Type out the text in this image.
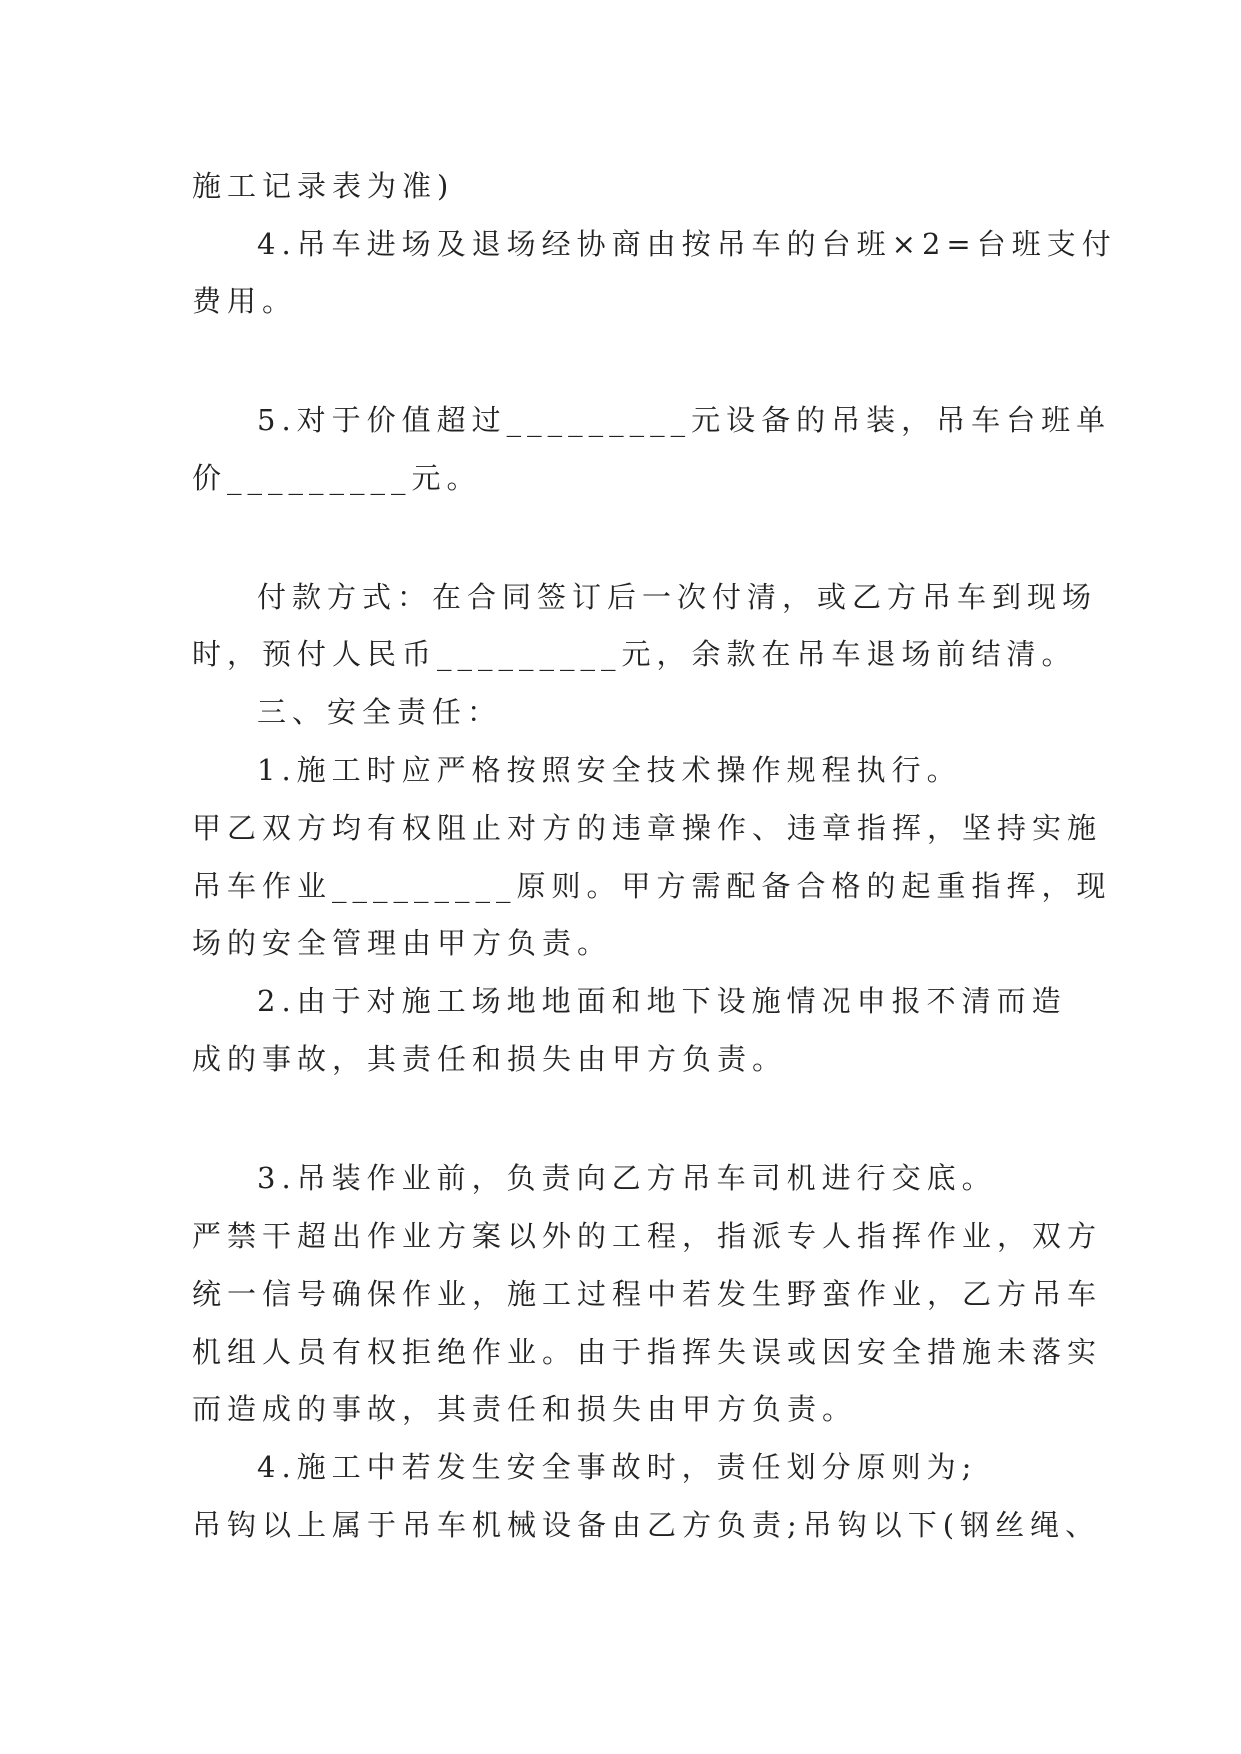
施工记录表为准)
4.吊车进场及退场经协商由按吊车的台班×2=台班支付
费用。
5.对于价值超过_________元设备的吊装，吊车台班单
价_________元。
付款方式：在合同签订后一次付清，或乙方吊车到现场
时，预付人民币_________元，余款在吊车退场前结清。
三、安全责任：
1.施工时应严格按照安全技术操作规程执行。
甲乙双方均有权阻止对方的违章操作、违章指挥，坚持实施
吊车作业_________原则。甲方需配备合格的起重指挥，现
场的安全管理由甲方负责。
2.由于对施工场地地面和地下设施情况申报不清而造
成的事故，其责任和损失由甲方负责。
3.吊装作业前，负责向乙方吊车司机进行交底。
严禁干超出作业方案以外的工程，指派专人指挥作业，双方
统一信号确保作业，施工过程中若发生野蛮作业，乙方吊车
机组人员有权拒绝作业。由于指挥失误或因安全措施未落实
而造成的事故，其责任和损失由甲方负责。
4.施工中若发生安全事故时，责任划分原则为;
吊钩以上属于吊车机械设备由乙方负责;吊钩以下(钢丝绳、
